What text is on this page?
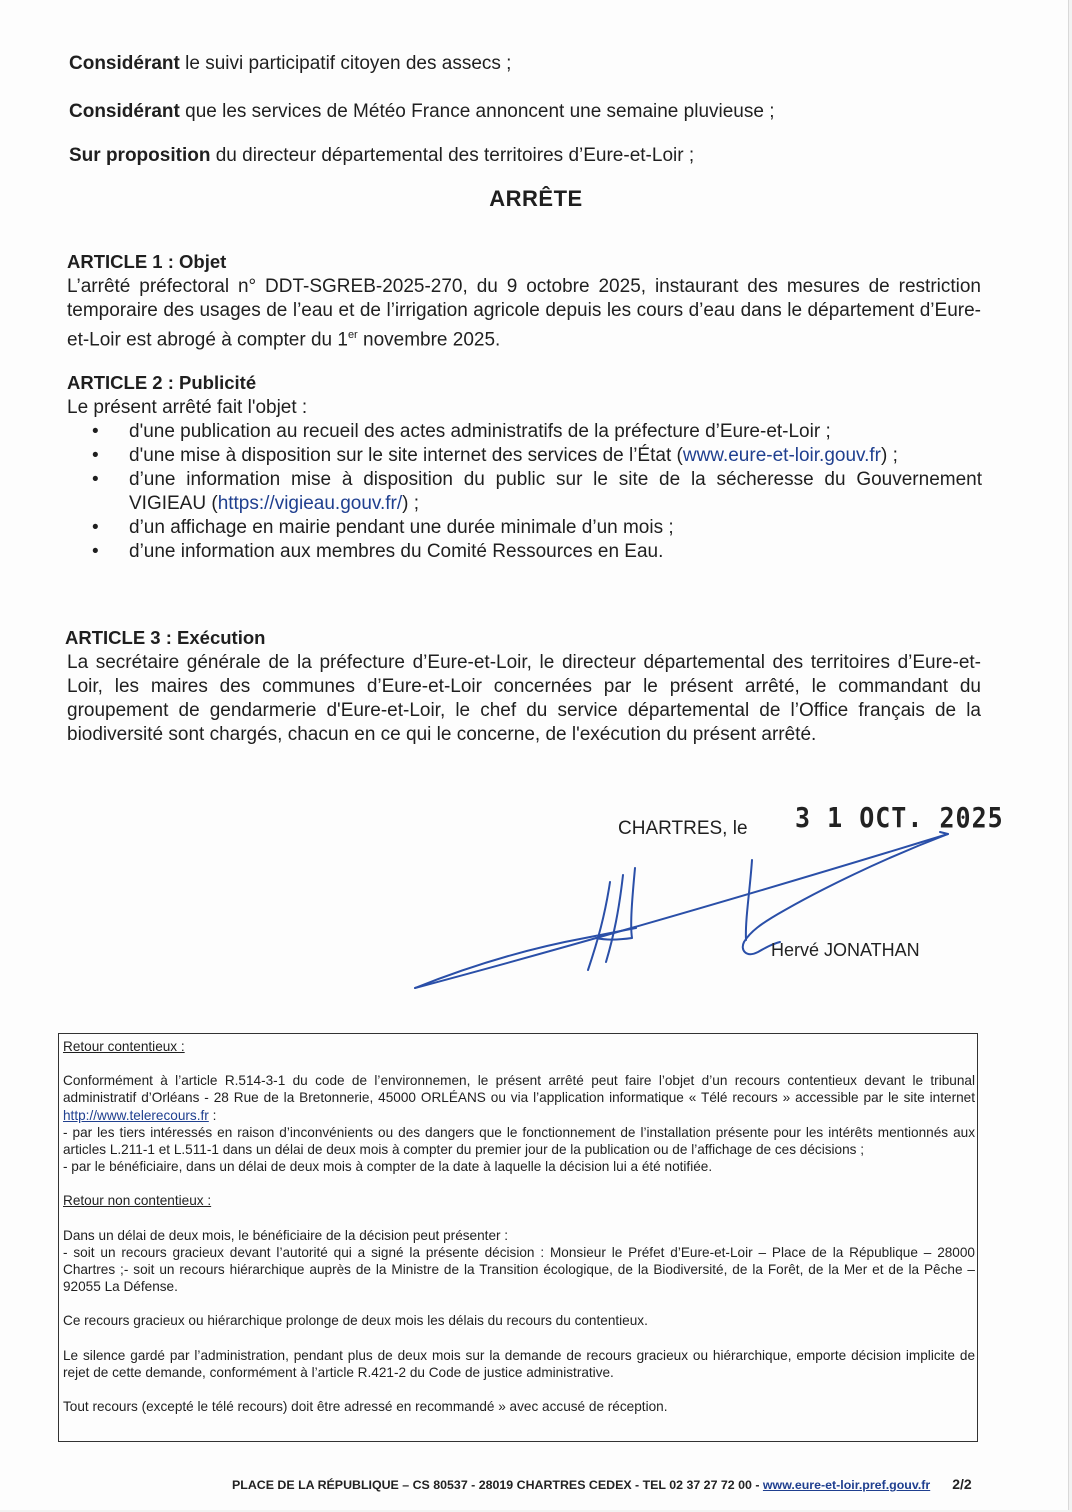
Considérant le suivi participatif citoyen des assecs ;
Considérant que les services de Météo France annoncent une semaine pluvieuse ;
Sur proposition du directeur départemental des territoires d’Eure-et-Loir ;
ARRÊTE
ARTICLE 1 : Objet
L’arrêté préfectoral n° DDT-SGREB-2025-270, du 9 octobre 2025, instaurant des mesures de restriction temporaire des usages de l’eau et de l’irrigation agricole depuis les cours d’eau dans le département d’Eure-et-Loir est abrogé à compter du 1er novembre 2025.
ARTICLE 2 : Publicité
Le présent arrêté fait l'objet :
• d'une publication au recueil des actes administratifs de la préfecture d’Eure-et-Loir ;
• d'une mise à disposition sur le site internet des services de l’État (www.eure-et-loir.gouv.fr) ;
• d’une information mise à disposition du public sur le site de la sécheresse du Gouvernement VIGIEAU (https://vigieau.gouv.fr/) ;
• d’un affichage en mairie pendant une durée minimale d’un mois ;
• d’une information aux membres du Comité Ressources en Eau.
ARTICLE 3 : Exécution
La secrétaire générale de la préfecture d’Eure-et-Loir, le directeur départemental des territoires d’Eure-et-Loir, les maires des communes d’Eure-et-Loir concernées par le présent arrêté, le commandant du groupement de gendarmerie d'Eure-et-Loir, le chef du service départemental de l’Office français de la biodiversité sont chargés, chacun en ce qui le concerne, de l'exécution du présent arrêté.
CHARTRES, le 3 1 OCT. 2025
Hervé JONATHAN

Retour contentieux :

Conformément à l’article R.514-3-1 du code de l’environnemen, le présent arrêté peut faire l’objet d’un recours contentieux devant le tribunal administratif d’Orléans - 28 Rue de la Bretonnerie, 45000 ORLÉANS ou via l’application informatique « Télé recours » accessible par le site internet http://www.telerecours.fr :

- par les tiers intéressés en raison d’inconvénients ou des dangers que le fonctionnement de l’installation présente pour les intérêts mentionnés aux articles L.211-1 et L.511-1 dans un délai de deux mois à compter du premier jour de la publication ou de l’affichage de ces décisions ;

- par le bénéficiaire, dans un délai de deux mois à compter de la date à laquelle la décision lui a été notifiée.

Retour non contentieux :

Dans un délai de deux mois, le bénéficiaire de la décision peut présenter :

- soit un recours gracieux devant l’autorité qui a signé la présente décision : Monsieur le Préfet d’Eure-et-Loir – Place de la République – 28000 Chartres ;- soit un recours hiérarchique auprès de la Ministre de la Transition écologique, de la Biodiversité, de la Forêt, de la Mer et de la Pêche – 92055 La Défense.

Ce recours gracieux ou hiérarchique prolonge de deux mois les délais du recours du contentieux.

Le silence gardé par l’administration, pendant plus de deux mois sur la demande de recours gracieux ou hiérarchique, emporte décision implicite de rejet de cette demande, conformément à l’article R.421-2 du Code de justice administrative.

Tout recours (excepté le télé recours) doit être adressé en recommandé » avec accusé de réception.

PLACE DE LA RÉPUBLIQUE – CS 80537 - 28019 CHARTRES CEDEX - TEL 02 37 27 72 00 - www.eure-et-loir.pref.gouv.fr 2/2
